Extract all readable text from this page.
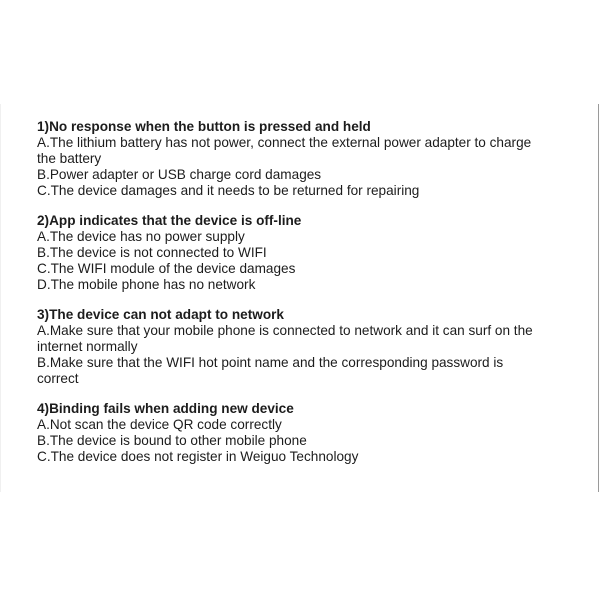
1)No response when the button is pressed and held
A.The lithium battery has not power, connect the external power adapter to charge
the battery
B.Power adapter or USB charge cord damages
C.The device damages and it needs to be returned for repairing
2)App indicates that the device is off-line
A.The device has no power supply
B.The device is not connected to WIFI
C.The WIFI module of the device damages
D.The mobile phone has no network
3)The device can not adapt to network
A.Make sure that your mobile phone is connected to network and it can surf on the
internet normally
B.Make sure that the WIFI hot point name and the corresponding password is
correct
4)Binding fails when adding new device
A.Not scan the device QR code correctly
B.The device is bound to other mobile phone
C.The device does not register in Weiguo Technology
